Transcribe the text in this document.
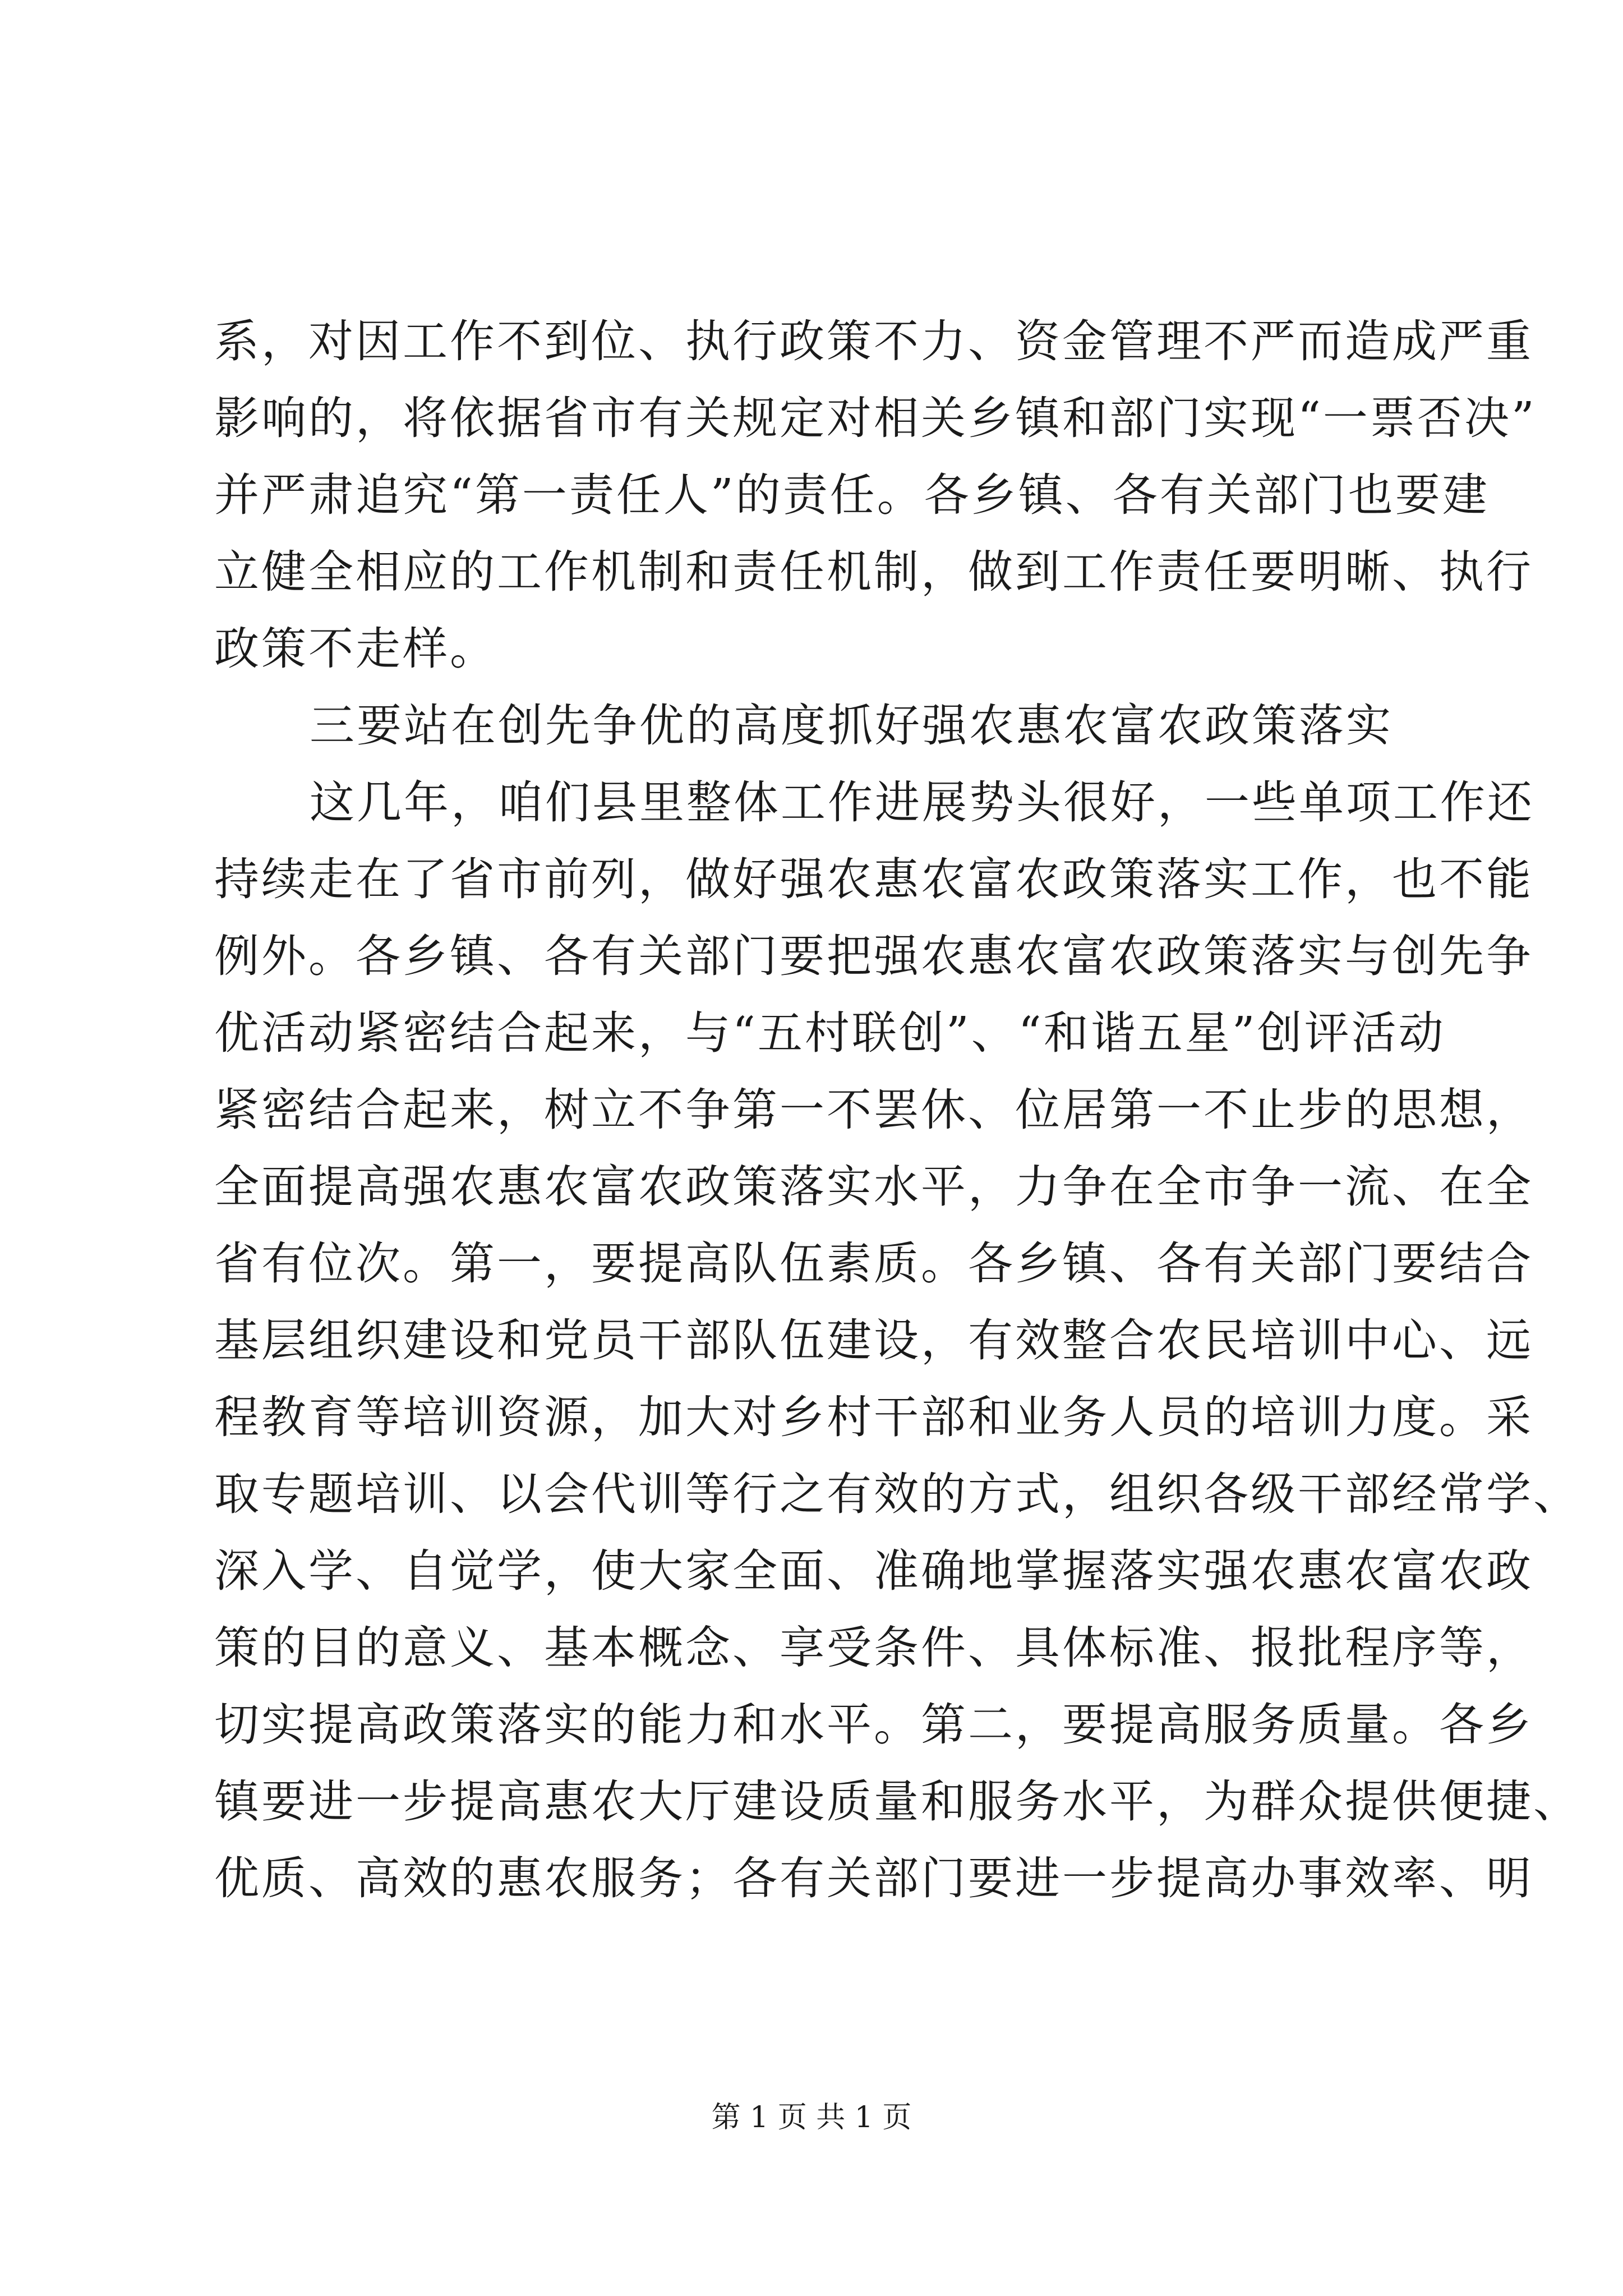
系，对因工作不到位、执行政策不力、资金管理不严而造成严重
影响的，将依据省市有关规定对相关乡镇和部门实现“一票否决”
并严肃追究“第一责任人”的责任。各乡镇、各有关部门也要建
立健全相应的工作机制和责任机制，做到工作责任要明晰、执行
政策不走样。
三要站在创先争优的高度抓好强农惠农富农政策落实
这几年，咱们县里整体工作进展势头很好，一些单项工作还
持续走在了省市前列，做好强农惠农富农政策落实工作，也不能
例外。各乡镇、各有关部门要把强农惠农富农政策落实与创先争
优活动紧密结合起来，与“五村联创”、“和谐五星”创评活动
紧密结合起来，树立不争第一不罢休、位居第一不止步的思想，
全面提高强农惠农富农政策落实水平，力争在全市争一流、在全
省有位次。第一，要提高队伍素质。各乡镇、各有关部门要结合
基层组织建设和党员干部队伍建设，有效整合农民培训中心、远
程教育等培训资源，加大对乡村干部和业务人员的培训力度。采
取专题培训、以会代训等行之有效的方式，组织各级干部经常学、
深入学、自觉学，使大家全面、准确地掌握落实强农惠农富农政
策的目的意义、基本概念、享受条件、具体标准、报批程序等，
切实提高政策落实的能力和水平。第二，要提高服务质量。各乡
镇要进一步提高惠农大厅建设质量和服务水平，为群众提供便捷、
优质、高效的惠农服务；各有关部门要进一步提高办事效率、明
第 1 页 共 1 页
